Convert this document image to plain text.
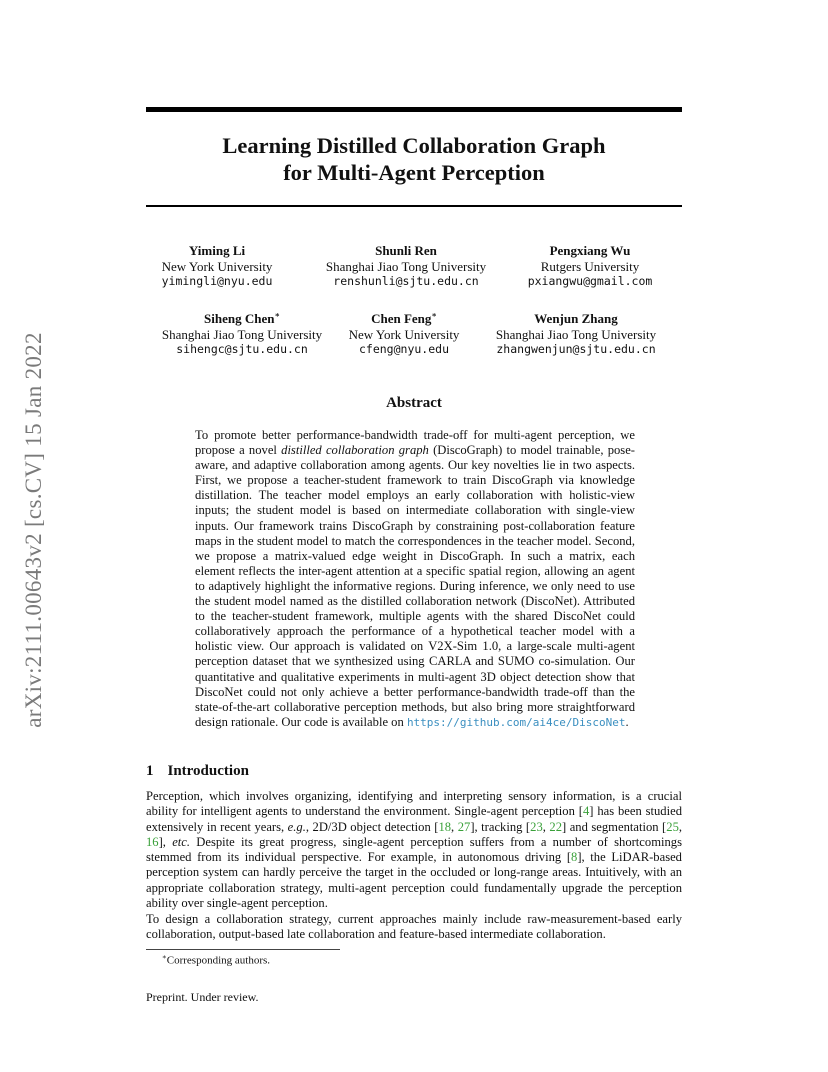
arXiv:2111.00643v2 [cs.CV] 15 Jan 2022
Learning Distilled Collaboration Graph
for Multi-Agent Perception
Yiming Li
New York University
yimingli@nyu.edu
Shunli Ren
Shanghai Jiao Tong University
renshunli@sjtu.edu.cn
Pengxiang Wu
Rutgers University
pxiangwu@gmail.com
Siheng Chen∗
Shanghai Jiao Tong University
sihengc@sjtu.edu.cn
Chen Feng∗
New York University
cfeng@nyu.edu
Wenjun Zhang
Shanghai Jiao Tong University
zhangwenjun@sjtu.edu.cn
Abstract

To promote better performance-bandwidth trade-off for multi-agent perception, we propose a novel distilled collaboration graph (DiscoGraph) to model trainable, pose-aware, and adaptive collaboration among agents. Our key novelties lie in two aspects. First, we propose a teacher-student framework to train DiscoGraph via knowledge distillation. The teacher model employs an early collaboration with holistic-view inputs; the student model is based on intermediate collaboration with single-view inputs. Our framework trains DiscoGraph by constraining post-collaboration feature maps in the student model to match the correspondences in the teacher model. Second, we propose a matrix-valued edge weight in DiscoGraph. In such a matrix, each element reflects the inter-agent attention at a specific spatial region, allowing an agent to adaptively highlight the informative regions. During inference, we only need to use the student model named as the distilled collaboration network (DiscoNet). Attributed to the teacher-student framework, multiple agents with the shared DiscoNet could collaboratively approach the performance of a hypothetical teacher model with a holistic view. Our approach is validated on V2X-Sim 1.0, a large-scale multi-agent perception dataset that we synthesized using CARLA and SUMO co-simulation. Our quantitative and qualitative experiments in multi-agent 3D object detection show that DiscoNet could not only achieve a better performance-bandwidth trade-off than the state-of-the-art collaborative perception methods, but also bring more straightforward design rationale. Our code is available on https://github.com/ai4ce/DiscoNet.

1 Introduction

Perception, which involves organizing, identifying and interpreting sensory information, is a crucial ability for intelligent agents to understand the environment. Single-agent perception [4] has been studied extensively in recent years, e.g., 2D/3D object detection [18, 27], tracking [23, 22] and segmentation [25, 16], etc. Despite its great progress, single-agent perception suffers from a number of shortcomings stemmed from its individual perspective. For example, in autonomous driving [8], the LiDAR-based perception system can hardly perceive the target in the occluded or long-range areas. Intuitively, with an appropriate collaboration strategy, multi-agent perception could fundamentally upgrade the perception ability over single-agent perception.

To design a collaboration strategy, current approaches mainly include raw-measurement-based early collaboration, output-based late collaboration and feature-based intermediate collaboration.

∗Corresponding authors.
Preprint. Under review.
